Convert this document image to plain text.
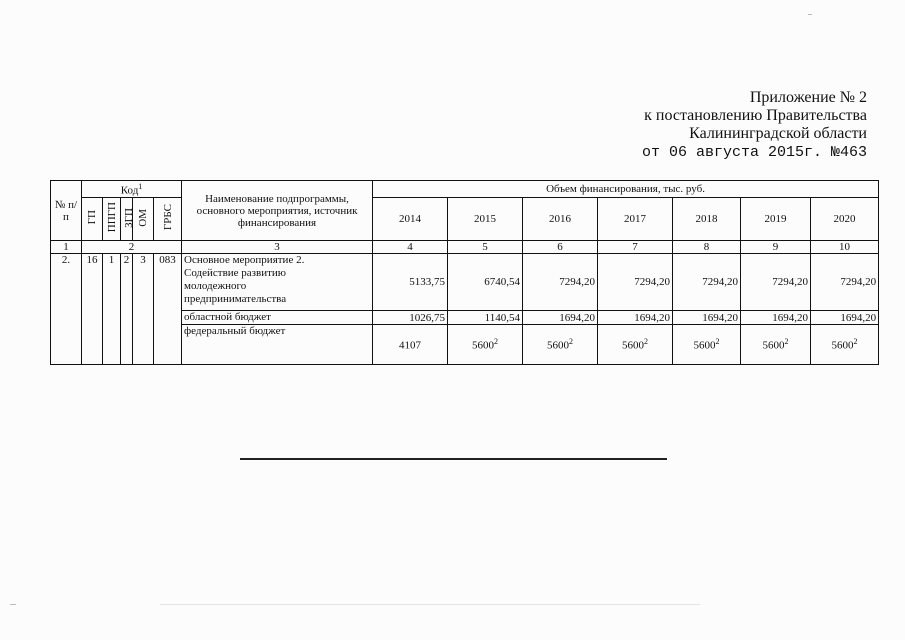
Приложение № 2
к постановлению Правительства
Калининградской области
от 06 августа 2015г. №463
№ п/п	Код$^1$					Наименование подпрограммы, основного мероприятия, источник финансирования	Объем финансирования, тыс. руб.						
	ГП	ППГП	ЗГП	ОМ	ГРБС		2014	2015	2016	2017	2018	2019	2020
1	2					3	4	5	6	7	8	9	10
2.	16	1	2	3	083	Основное мероприятие 2.
Содействие развитию
молодежного
предпринимательства	5133,75	6740,54	7294,20	7294,20	7294,20	7294,20	7294,20
						областной бюджет	1026,75	1140,54	1694,20	1694,20	1694,20	1694,20	1694,20
						федеральный бюджет	4107	5600$^2$	5600$^2$	5600$^2$	5600$^2$	5600$^2$	5600$^2$
